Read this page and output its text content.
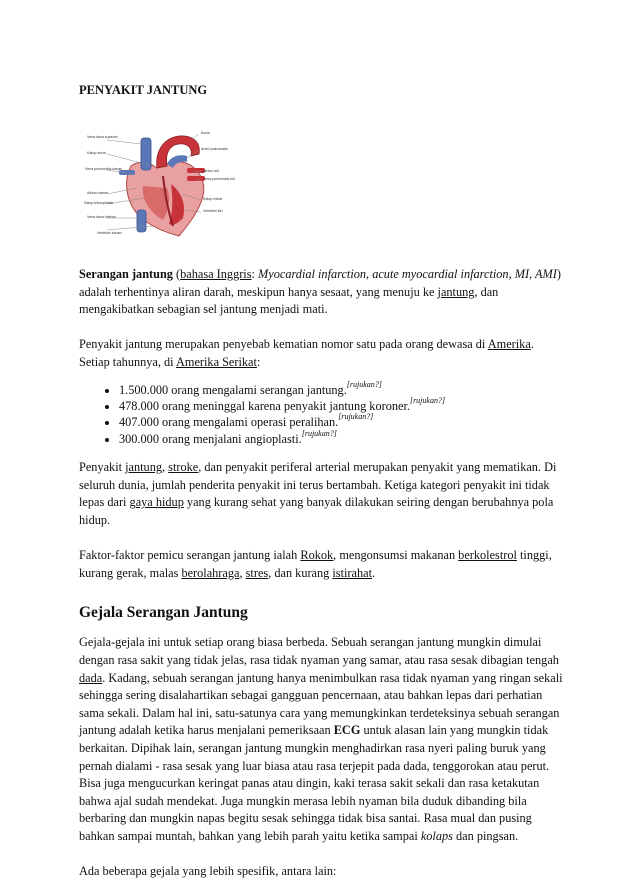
PENYAKIT JANTUNG

Aorta
Vena kava superior
Arteri pulmonalis
Katup aorta
Vena pulmonalis kanan	Atrium kiri
Vena pulmonalis kiri
Atrium kanan
Katup mitral
Katup trikuspidalis
Ventrikel kiri
Vena kava inferior
Ventrikel kanan

Serangan jantung (bahasa Inggris: Myocardial infarction, acute myocardial infarction, MI, AMI) adalah terhentinya aliran darah, meskipun hanya sesaat, yang menuju ke jantung, dan mengakibatkan sebagian sel jantung menjadi mati.

Penyakit jantung merupakan penyebab kematian nomor satu pada orang dewasa di Amerika. Setiap tahunnya, di Amerika Serikat:

• 1.500.000 orang mengalami serangan jantung.[rujukan?]
• 478.000 orang meninggal karena penyakit jantung koroner.[rujukan?]
• 407.000 orang mengalami operasi peralihan.[rujukan?]
• 300.000 orang menjalani angioplasti.[rujukan?]

Penyakit jantung, stroke, dan penyakit periferal arterial merupakan penyakit yang mematikan. Di seluruh dunia, jumlah penderita penyakit ini terus bertambah. Ketiga kategori penyakit ini tidak lepas dari gaya hidup yang kurang sehat yang banyak dilakukan seiring dengan berubahnya pola hidup.

Faktor-faktor pemicu serangan jantung ialah Rokok, mengonsumsi makanan berkolestrol tinggi, kurang gerak, malas berolahraga, stres, dan kurang istirahat.

Gejala Serangan Jantung

Gejala-gejala ini untuk setiap orang biasa berbeda. Sebuah serangan jantung mungkin dimulai dengan rasa sakit yang tidak jelas, rasa tidak nyaman yang samar, atau rasa sesak dibagian tengah dada. Kadang, sebuah serangan jantung hanya menimbulkan rasa tidak nyaman yang ringan sekali sehingga sering disalahartikan sebagai gangguan pencernaan, atau bahkan lepas dari perhatian sama sekali. Dalam hal ini, satu-satunya cara yang memungkinkan terdeteksinya sebuah serangan jantung adalah ketika harus menjalani pemeriksaan ECG untuk alasan lain yang mungkin tidak berkaitan. Dipihak lain, serangan jantung mungkin menghadirkan rasa nyeri paling buruk yang pernah dialami - rasa sesak yang luar biasa atau rasa terjepit pada dada, tenggorokan atau perut. Bisa juga mengucurkan keringat panas atau dingin, kaki terasa sakit sekali dan rasa ketakutan bahwa ajal sudah mendekat. Juga mungkin merasa lebih nyaman bila duduk dibanding bila berbaring dan mungkin napas begitu sesak sehingga tidak bisa santai. Rasa mual dan pusing bahkan sampai muntah, bahkan yang lebih parah yaitu ketika sampai kolaps dan pingsan.

Ada beberapa gejala yang lebih spesifik, antara lain:
